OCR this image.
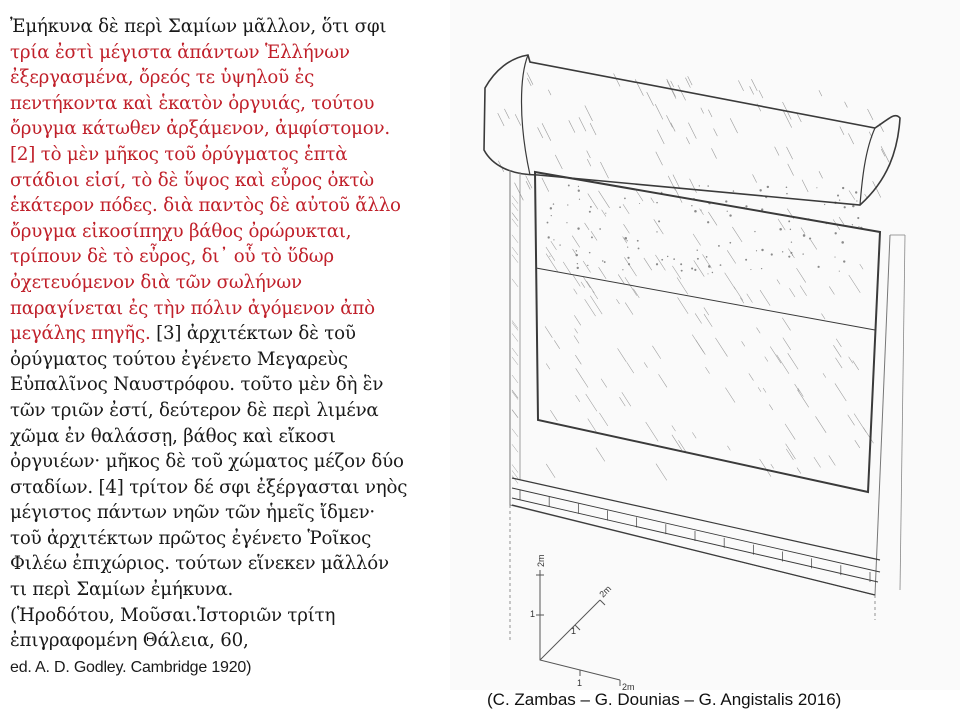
Ἐμήκυνα δὲ περὶ Σαμίων μᾶλλον, ὅτι σφι
τρία ἐστὶ μέγιστα ἁπάντων Ἑλλήνων
ἐξεργασμένα, ὄρεός τε ὑψηλοῦ ἐς
πεντήκοντα καὶ ἑκατὸν ὀργυιάς, τούτου
ὄρυγμα κάτωθεν ἀρξάμενον, ἀμφίστομον.
[2] τὸ μὲν μῆκος τοῦ ὀρύγματος ἑπτὰ
στάδιοι εἰσί, τὸ δὲ ὕψος καὶ εὖρος ὀκτὼ
ἑκάτερον πόδες. διὰ παντὸς δὲ αὐτοῦ ἄλλο
ὄρυγμα εἰκοσίπηχυ βάθος ὀρώρυκται,
τρίπουν δὲ τὸ εὖρος, δι᾽ οὗ τὸ ὕδωρ
ὀχετευόμενον διὰ τῶν σωλήνων
παραγίνεται ἐς τὴν πόλιν ἀγόμενον ἀπὸ
μεγάλης πηγῆς. [3] ἀρχιτέκτων δὲ τοῦ
ὀρύγματος τούτου ἐγένετο Μεγαρεὺς
Εὐπαλῖνος Ναυστρόφου. τοῦτο μὲν δὴ ἓν
τῶν τριῶν ἐστί, δεύτερον δὲ περὶ λιμένα
χῶμα ἐν θαλάσσῃ, βάθος καὶ εἴκοσι
ὀργυιέων· μῆκος δὲ τοῦ χώματος μέζον δύο
σταδίων. [4] τρίτον δέ σφι ἐξέργασται νηὸς
μέγιστος πάντων νηῶν τῶν ἡμεῖς ἴδμεν·
τοῦ ἀρχιτέκτων πρῶτος ἐγένετο Ῥοῖκος
Φιλέω ἐπιχώριος. τούτων εἵνεκεν μᾶλλόν
τι περὶ Σαμίων ἐμήκυνα.
(Ἡροδότου, Μοῦσαι.Ἱστοριῶν τρίτη
ἐπιγραφομένη Θάλεια, 60,
ed. A. D. Godley. Cambridge 1920)
2m
2m
2m
1
1
1
(C. Zambas – G. Dounias – G. Angistalis 2016)
